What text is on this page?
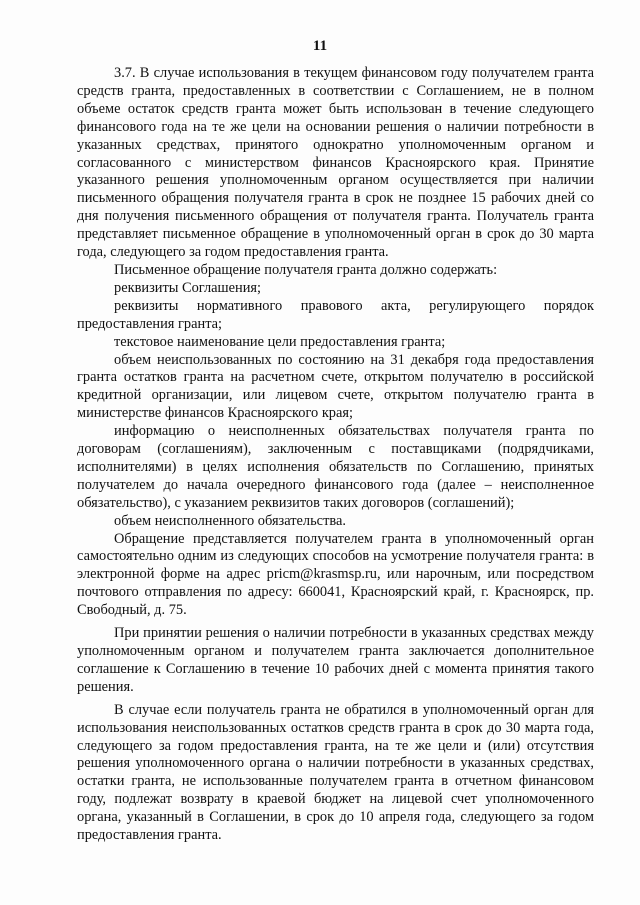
11

3.7. В случае использования в текущем финансовом году получателем гранта средств гранта, предоставленных в соответствии с Соглашением, не в полном объеме остаток средств гранта может быть использован в течение следующего финансового года на те же цели на основании решения о наличии потребности в указанных средствах, принятого однократно уполномоченным органом и согласованного с министерством финансов Красноярского края. Принятие указанного решения уполномоченным органом осуществляется при наличии письменного обращения получателя гранта в срок не позднее 15 рабочих дней со дня получения письменного обращения от получателя гранта. Получатель гранта представляет письменное обращение в уполномоченный орган в срок до 30 марта года, следующего за годом предоставления гранта.

Письменное обращение получателя гранта должно содержать:

реквизиты Соглашения;

реквизиты нормативного правового акта, регулирующего порядок предоставления гранта;

текстовое наименование цели предоставления гранта;

объем неиспользованных по состоянию на 31 декабря года предоставления гранта остатков гранта на расчетном счете, открытом получателю в российской кредитной организации, или лицевом счете, открытом получателю гранта в министерстве финансов Красноярского края;

информацию о неисполненных обязательствах получателя гранта по договорам (соглашениям), заключенным с поставщиками (подрядчиками, исполнителями) в целях исполнения обязательств по Соглашению, принятых получателем до начала очередного финансового года (далее – неисполненное обязательство), с указанием реквизитов таких договоров (соглашений);

объем неисполненного обязательства.

Обращение представляется получателем гранта в уполномоченный орган самостоятельно одним из следующих способов на усмотрение получателя гранта: в электронной форме на адрес pricm@krasmsp.ru, или нарочным, или посредством почтового отправления по адресу: 660041, Красноярский край, г. Красноярск, пр. Свободный, д. 75.

При принятии решения о наличии потребности в указанных средствах между уполномоченным органом и получателем гранта заключается дополнительное соглашение к Соглашению в течение 10 рабочих дней с момента принятия такого решения.

В случае если получатель гранта не обратился в уполномоченный орган для использования неиспользованных остатков средств гранта в срок до 30 марта года, следующего за годом предоставления гранта, на те же цели и (или) отсутствия решения уполномоченного органа о наличии потребности в указанных средствах, остатки гранта, не использованные получателем гранта в отчетном финансовом году, подлежат возврату в краевой бюджет на лицевой счет уполномоченного органа, указанный в Соглашении, в срок до 10 апреля года, следующего за годом предоставления гранта.
